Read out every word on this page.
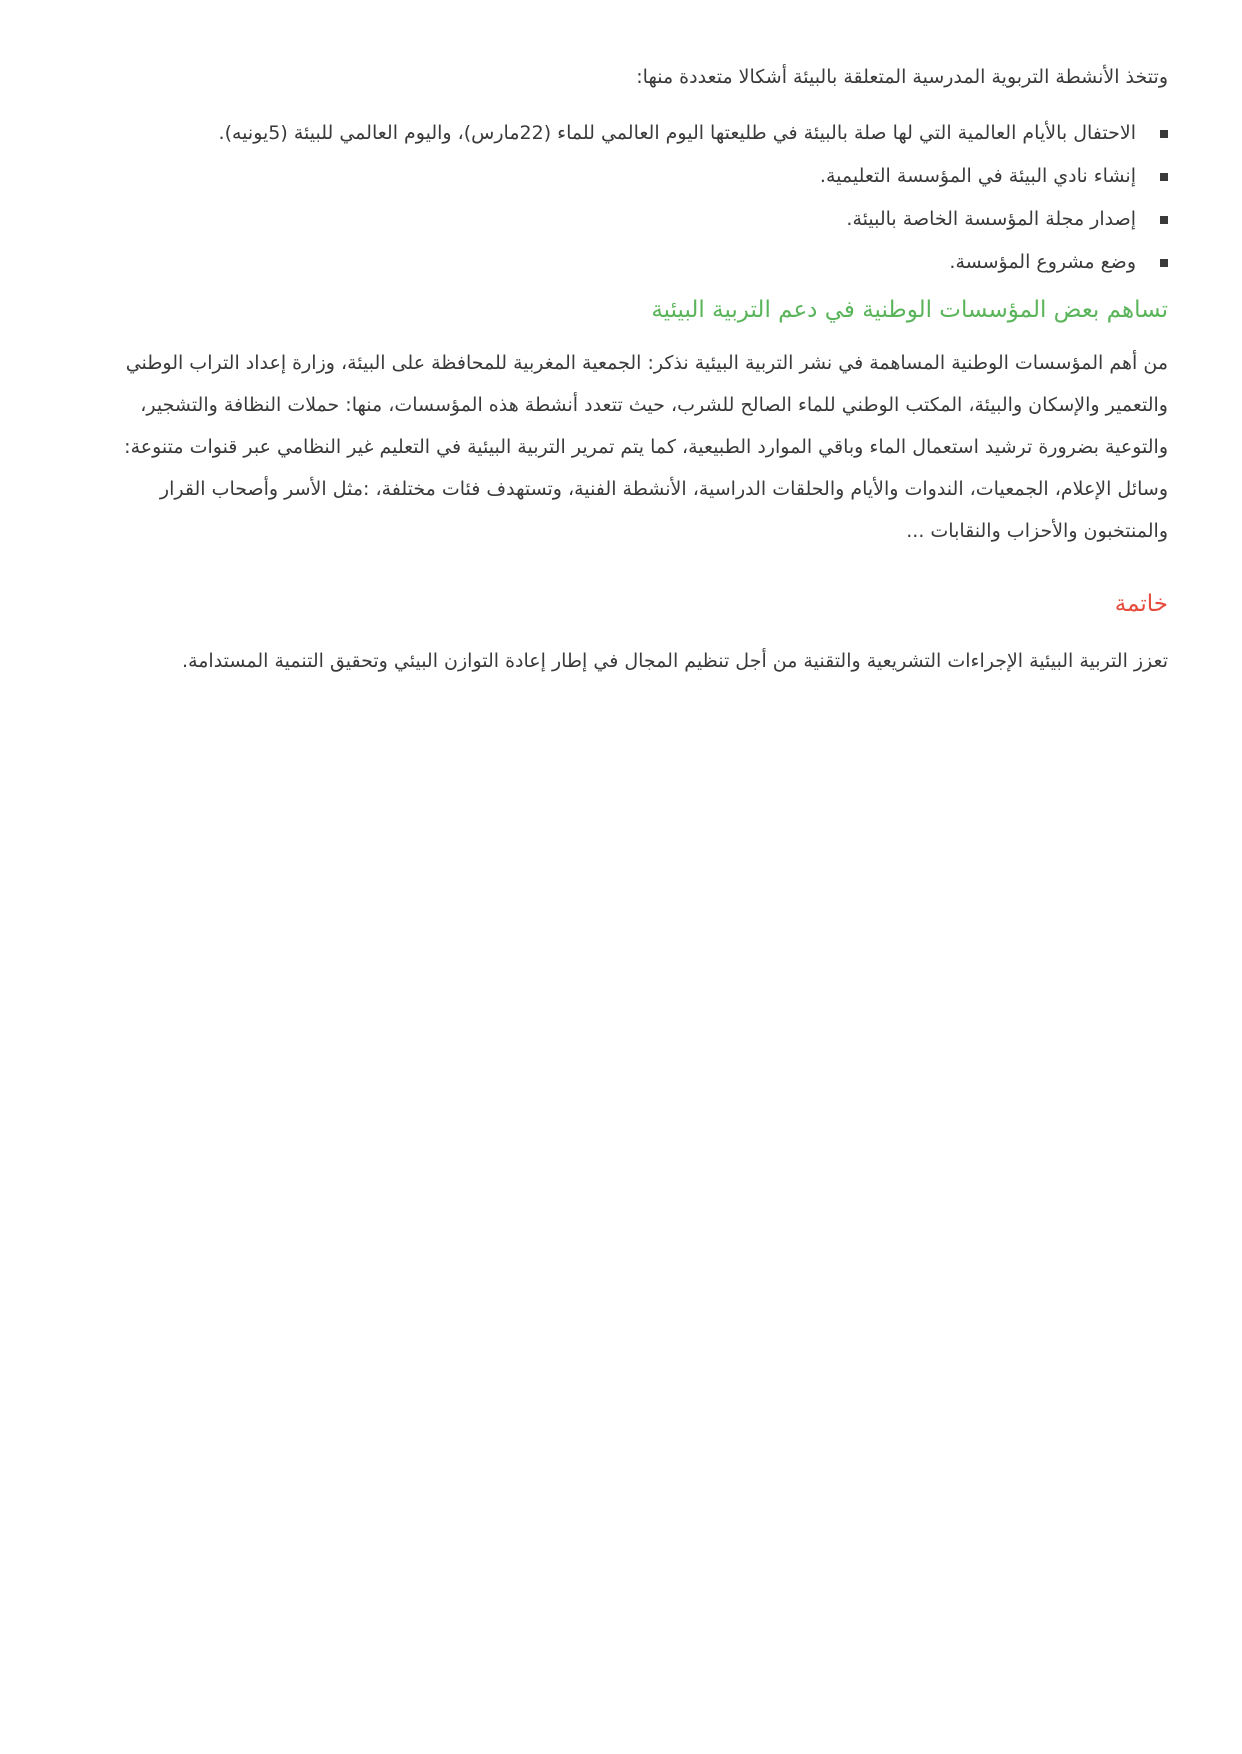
وتتخذ الأنشطة التربوية المدرسية المتعلقة بالبيئة أشكالا متعددة منها:

الاحتفال بالأيام العالمية التي لها صلة بالبيئة في طليعتها اليوم العالمي للماء (22مارس)، واليوم العالمي للبيئة (5يونيه).
إنشاء نادي البيئة في المؤسسة التعليمية.
إصدار مجلة المؤسسة الخاصة بالبيئة.
وضع مشروع المؤسسة.
تساهم بعض المؤسسات الوطنية في دعم التربية البيئية

من أهم المؤسسات الوطنية المساهمة في نشر التربية البيئية نذكر: الجمعية المغربية للمحافظة على البيئة، وزارة إعداد التراب الوطني والتعمير والإسكان والبيئة، المكتب الوطني للماء الصالح للشرب، حيث تتعدد أنشطة هذه المؤسسات، منها: حملات النظافة والتشجير، والتوعية بضرورة ترشيد استعمال الماء وباقي الموارد الطبيعية، كما يتم تمرير التربية البيئية في التعليم غير النظامي عبر قنوات متنوعة: وسائل الإعلام، الجمعيات، الندوات والأيام والحلقات الدراسية، الأنشطة الفنية، وتستهدف فئات مختلفة، :مثل الأسر وأصحاب القرار والمنتخبون والأحزاب والنقابات ...

خاتمة

تعزز التربية البيئية الإجراءات التشريعية والتقنية من أجل تنظيم المجال في إطار إعادة التوازن البيئي وتحقيق التنمية المستدامة.
